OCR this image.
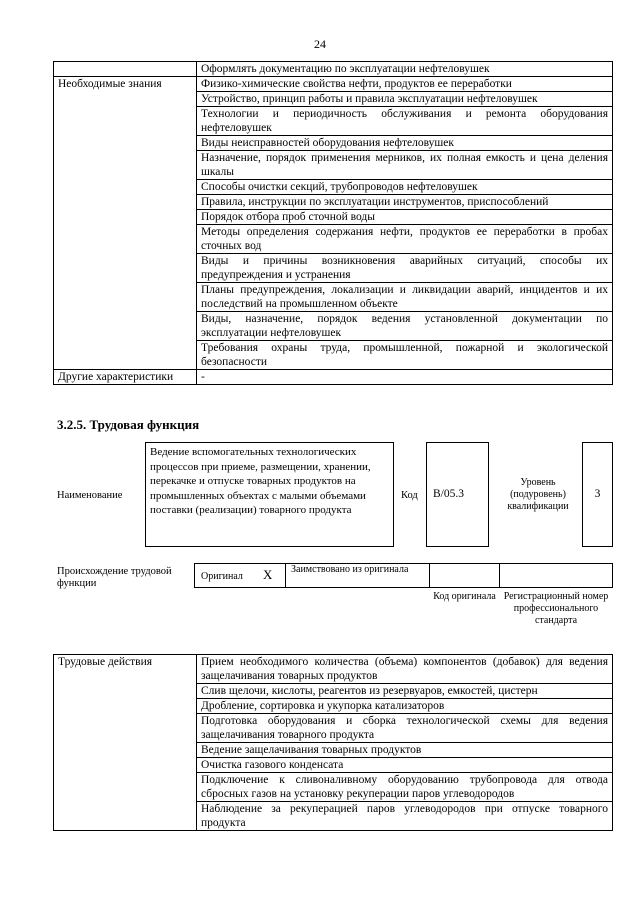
24
	Оформлять документацию по эксплуатации нефтеловушек
Необходимые знания	Физико-химические свойства нефти, продуктов ее переработки
	Устройство, принцип работы и правила эксплуатации нефтеловушек
	Технологии и периодичность обслуживания и ремонта оборудования нефтеловушек
	Виды неисправностей оборудования нефтеловушек
	Назначение, порядок применения мерников, их полная емкость и цена деления шкалы
	Способы очистки секций, трубопроводов нефтеловушек
	Правила, инструкции по эксплуатации инструментов, приспособлений
	Порядок отбора проб сточной воды
	Методы определения содержания нефти, продуктов ее переработки в пробах сточных вод
	Виды и причины возникновения аварийных ситуаций, способы их предупреждения и устранения
	Планы предупреждения, локализации и ликвидации аварий, инцидентов и их последствий на промышленном объекте
	Виды, назначение, порядок ведения установленной документации по эксплуатации нефтеловушек
	Требования охраны труда, промышленной, пожарной и экологической безопасности
Другие характеристики	-
3.2.5. Трудовая функция
Наименование
Ведение вспомогательных технологических процессов при приеме, размещении, хранении, перекачке и отпуске товарных продуктов на промышленных объектах с малыми объемами поставки (реализации) товарного продукта
Код	В/05.3
Уровень (подуровень) квалификации
3
Происхождение трудовой функции
Оригинал X	Заимствовано из оригинала
Код оригинала Регистрационный номер профессионального стандарта
Трудовые действия	Прием необходимого количества (объема) компонентов (добавок) для ведения защелачивания товарных продуктов
Слив щелочи, кислоты, реагентов из резервуаров, емкостей, цистерн
Дробление, сортировка и укупорка катализаторов
Подготовка оборудования и сборка технологической схемы для ведения защелачивания товарного продукта
Ведение защелачивания товарных продуктов
Очистка газового конденсата
Подключение к сливоналивному оборудованию трубопровода для отвода сбросных газов на установку рекуперации паров углеводородов
Наблюдение за рекуперацией паров углеводородов при отпуске товарного продукта
